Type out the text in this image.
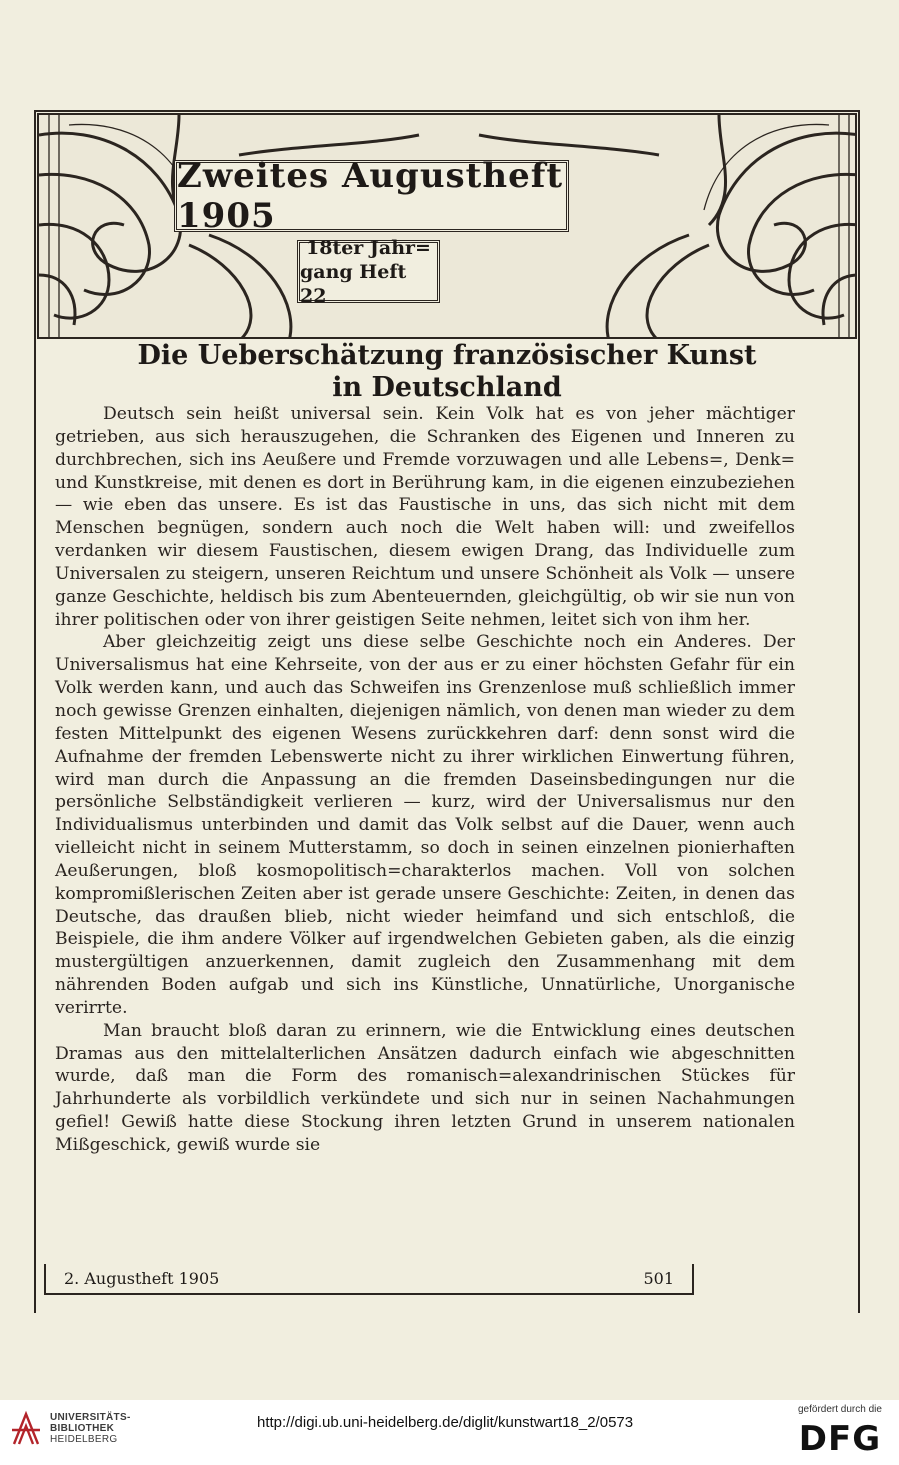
Zweites Augustheft 1905
18ter Jahr=
gang Heft 22
Die Ueberschätzung französischer Kunst
in Deutschland

Deutsch sein heißt universal sein. Kein Volk hat es von jeher mächtiger getrieben, aus sich herauszugehen, die Schranken des Eigenen und Inneren zu durchbrechen, sich ins Aeußere und Fremde vorzuwagen und alle Lebens=, Denk= und Kunstkreise, mit denen es dort in Berührung kam, in die eigenen einzubeziehen — wie eben das unsere. Es ist das Faustische in uns, das sich nicht mit dem Menschen begnügen, sondern auch noch die Welt haben will: und zweifellos verdanken wir diesem Faustischen, diesem ewigen Drang, das Individuelle zum Universalen zu steigern, unseren Reichtum und unsere Schönheit als Volk — unsere ganze Geschichte, heldisch bis zum Abenteuernden, gleichgültig, ob wir sie nun von ihrer politischen oder von ihrer geistigen Seite nehmen, leitet sich von ihm her.

Aber gleichzeitig zeigt uns diese selbe Geschichte noch ein Anderes. Der Universalismus hat eine Kehrseite, von der aus er zu einer höchsten Gefahr für ein Volk werden kann, und auch das Schweifen ins Grenzenlose muß schließlich immer noch gewisse Grenzen einhalten, diejenigen nämlich, von denen man wieder zu dem festen Mittelpunkt des eigenen Wesens zurückkehren darf: denn sonst wird die Aufnahme der fremden Lebenswerte nicht zu ihrer wirklichen Einwertung führen, wird man durch die Anpassung an die fremden Daseinsbedingungen nur die persönliche Selbständigkeit verlieren — kurz, wird der Universalismus nur den Individualismus unterbinden und damit das Volk selbst auf die Dauer, wenn auch vielleicht nicht in seinem Mutterstamm, so doch in seinen einzelnen pionierhaften Aeußerungen, bloß kosmopolitisch=charakterlos machen. Voll von solchen kompromißlerischen Zeiten aber ist gerade unsere Geschichte: Zeiten, in denen das Deutsche, das draußen blieb, nicht wieder heimfand und sich entschloß, die Beispiele, die ihm andere Völker auf irgendwelchen Gebieten gaben, als die einzig mustergültigen anzuerkennen, damit zugleich den Zusammenhang mit dem nährenden Boden aufgab und sich ins Künstliche, Unnatürliche, Unorganische verirrte.

Man braucht bloß daran zu erinnern, wie die Entwicklung eines deutschen Dramas aus den mittelalterlichen Ansätzen dadurch einfach wie abgeschnitten wurde, daß man die Form des romanisch=alexandrinischen Stückes für Jahrhunderte als vorbildlich verkündete und sich nur in seinen Nachahmungen gefiel! Gewiß hatte diese Stockung ihren letzten Grund in unserem nationalen Mißgeschick, gewiß wurde sie

2. Augustheft 1905	501
UNIVERSITÄTS-
BIBLIOTHEK
HEIDELBERG
http://digi.ub.uni-heidelberg.de/diglit/kunstwart18_2/0573
gefördert durch die
DFG
